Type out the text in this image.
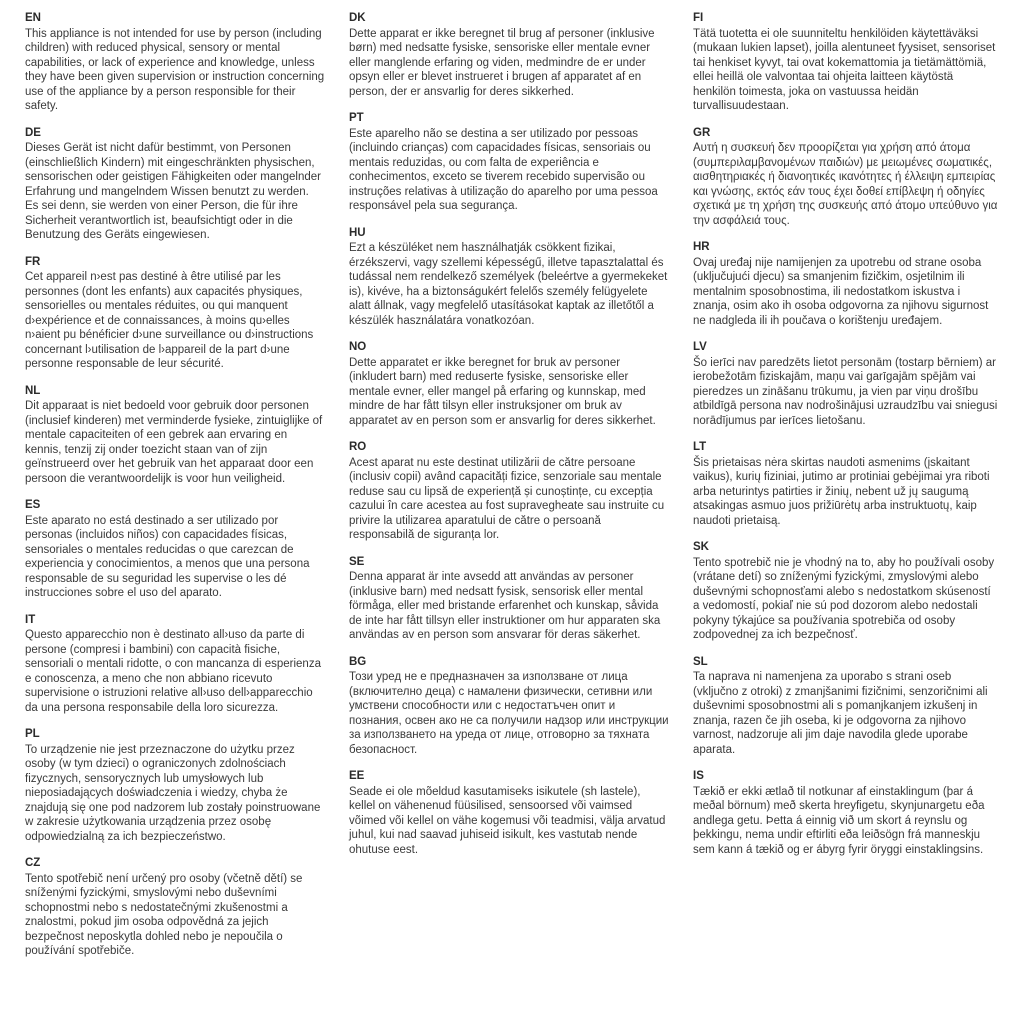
EN

This appliance is not intended for use by person (including children) with reduced physical, sensory or mental capabilities, or lack of experience and knowledge, unless they have been given supervision or instruction concerning use of the appliance by a person responsible for their safety.

DE

Dieses Gerät ist nicht dafür bestimmt, von Personen (einschließlich Kindern) mit eingeschränkten physischen, sensorischen oder geistigen Fähigkeiten oder mangelnder Erfahrung und mangelndem Wissen benutzt zu werden. Es sei denn, sie werden von einer Person, die für ihre Sicherheit verantwortlich ist, beaufsichtigt oder in die Benutzung des Geräts eingewiesen.

FR

Cet appareil n›est pas destiné à être utilisé par les personnes (dont les enfants) aux capacités physiques, sensorielles ou mentales réduites, ou qui manquent d›expérience et de connaissances, à moins qu›elles n›aient pu bénéficier d›une surveillance ou d›instructions concernant l›utilisation de l›appareil de la part d›une personne responsable de leur sécurité.

NL

Dit apparaat is niet bedoeld voor gebruik door personen (inclusief kinderen) met verminderde fysieke, zintuiglijke of mentale capaciteiten of een gebrek aan ervaring en kennis, tenzij zij onder toezicht staan van of zijn geïnstrueerd over het gebruik van het apparaat door een persoon die verantwoordelijk is voor hun veiligheid.

ES

Este aparato no está destinado a ser utilizado por personas (incluidos niños) con capacidades físicas, sensoriales o mentales reducidas o que carezcan de experiencia y conocimientos, a menos que una persona responsable de su seguridad les supervise o les dé instrucciones sobre el uso del aparato.

IT

Questo apparecchio non è destinato all›uso da parte di persone (compresi i bambini) con capacità fisiche, sensoriali o mentali ridotte, o con mancanza di esperienza e conoscenza, a meno che non abbiano ricevuto supervisione o istruzioni relative all›uso dell›apparecchio da una persona responsabile della loro sicurezza.

PL

To urządzenie nie jest przeznaczone do użytku przez osoby (w tym dzieci) o ograniczonych zdolnościach fizycznych, sensorycznych lub umysłowych lub nieposiadających doświadczenia i wiedzy, chyba że znajdują się one pod nadzorem lub zostały poinstruowane w zakresie użytkowania urządzenia przez osobę odpowiedzialną za ich bezpieczeństwo.

CZ

Tento spotřebič není určený pro osoby (včetně dětí) se sníženými fyzickými, smyslovými nebo duševními schopnostmi nebo s nedostatečnými zkušenostmi a znalostmi, pokud jim osoba odpovědná za jejich bezpečnost neposkytla dohled nebo je nepoučila o používání spotřebiče.

DK

Dette apparat er ikke beregnet til brug af personer (inklusive børn) med nedsatte fysiske, sensoriske eller mentale evner eller manglende erfaring og viden, medmindre de er under opsyn eller er blevet instrueret i brugen af apparatet af en person, der er ansvarlig for deres sikkerhed.

PT

Este aparelho não se destina a ser utilizado por pessoas (incluindo crianças) com capacidades físicas, sensoriais ou mentais reduzidas, ou com falta de experiência e conhecimentos, exceto se tiverem recebido supervisão ou instruções relativas à utilização do aparelho por uma pessoa responsável pela sua segurança.

HU

Ezt a készüléket nem használhatják csökkent fizikai, érzékszervi, vagy szellemi képességű, illetve tapasztalattal és tudással nem rendelkező személyek (beleértve a gyermekeket is), kivéve, ha a biztonságukért felelős személy felügyelete alatt állnak, vagy megfelelő utasításokat kaptak az illetőtől a készülék használatára vonatkozóan.

NO

Dette apparatet er ikke beregnet for bruk av personer (inkludert barn) med reduserte fysiske, sensoriske eller mentale evner, eller mangel på erfaring og kunnskap, med mindre de har fått tilsyn eller instruksjoner om bruk av apparatet av en person som er ansvarlig for deres sikkerhet.

RO

Acest aparat nu este destinat utilizării de către persoane (inclusiv copii) având capacități fizice, senzoriale sau mentale reduse sau cu lipsă de experiență și cunoștințe, cu excepția cazului în care acestea au fost supravegheate sau instruite cu privire la utilizarea aparatului de către o persoană responsabilă de siguranța lor.

SE

Denna apparat är inte avsedd att användas av personer (inklusive barn) med nedsatt fysisk, sensorisk eller mental förmåga, eller med bristande erfarenhet och kunskap, såvida de inte har fått tillsyn eller instruktioner om hur apparaten ska användas av en person som ansvarar för deras säkerhet.

BG

Този уред не е предназначен за използване от лица (включително деца) с намалени физически, сетивни или умствени способности или с недостатъчен опит и познания, освен ако не са получили надзор или инструкции за използването на уреда от лице, отговорно за тяхната безопасност.

EE

Seade ei ole mõeldud kasutamiseks isikutele (sh lastele), kellel on vähenenud füüsilised, sensoorsed või vaimsed võimed või kellel on vähe kogemusi või teadmisi, välja arvatud juhul, kui nad saavad juhiseid isikult, kes vastutab nende ohutuse eest.

FI

Tätä tuotetta ei ole suunniteltu henkilöiden käytettäväksi (mukaan lukien lapset), joilla alentuneet fyysiset, sensoriset tai henkiset kyvyt, tai ovat kokemattomia ja tietämättömiä, ellei heillä ole valvontaa tai ohjeita laitteen käytöstä henkilön toimesta, joka on vastuussa heidän turvallisuudestaan.

GR

Αυτή η συσκευή δεν προορίζεται για χρήση από άτομα (συμπεριλαμβανομένων παιδιών) με μειωμένες σωματικές, αισθητηριακές ή διανοητικές ικανότητες ή έλλειψη εμπειρίας και γνώσης, εκτός εάν τους έχει δοθεί επίβλεψη ή οδηγίες σχετικά με τη χρήση της συσκευής από άτομο υπεύθυνο για την ασφάλειά τους.

HR

Ovaj uređaj nije namijenjen za upotrebu od strane osoba (uključujući djecu) sa smanjenim fizičkim, osjetilnim ili mentalnim sposobnostima, ili nedostatkom iskustva i znanja, osim ako ih osoba odgovorna za njihovu sigurnost ne nadgleda ili ih poučava o korištenju uređajem.

LV

Šo ierīci nav paredzēts lietot personām (tostarp bērniem) ar ierobežotām fiziskajām, maņu vai garīgajām spējām vai pieredzes un zināšanu trūkumu, ja vien par viņu drošību atbildīgā persona nav nodrošinājusi uzraudzību vai sniegusi norādījumus par ierīces lietošanu.

LT

Šis prietaisas nėra skirtas naudoti asmenims (įskaitant vaikus), kurių fiziniai, jutimo ar protiniai gebėjimai yra riboti arba neturintys patirties ir žinių, nebent už jų saugumą atsakingas asmuo juos prižiūrėtų arba instruktuotų, kaip naudoti prietaisą.

SK

Tento spotrebič nie je vhodný na to, aby ho používali osoby (vrátane detí) so zníženými fyzickými, zmyslovými alebo duševnými schopnosťami alebo s nedostatkom skúseností a vedomostí, pokiaľ nie sú pod dozorom alebo nedostali pokyny týkajúce sa používania spotrebiča od osoby zodpovednej za ich bezpečnosť.

SL

Ta naprava ni namenjena za uporabo s strani oseb (vključno z otroki) z zmanjšanimi fizičnimi, senzoričnimi ali duševnimi sposobnostmi ali s pomanjkanjem izkušenj in znanja, razen če jih oseba, ki je odgovorna za njihovo varnost, nadzoruje ali jim daje navodila glede uporabe aparata.

IS

Tækið er ekki ætlað til notkunar af einstaklingum (þar á meðal börnum) með skerta hreyfigetu, skynjunargetu eða andlega getu. Þetta á einnig við um skort á reynslu og þekkingu, nema undir eftirliti eða leiðsögn frá manneskju sem kann á tækið og er ábyrg fyrir öryggi einstaklingsins.
